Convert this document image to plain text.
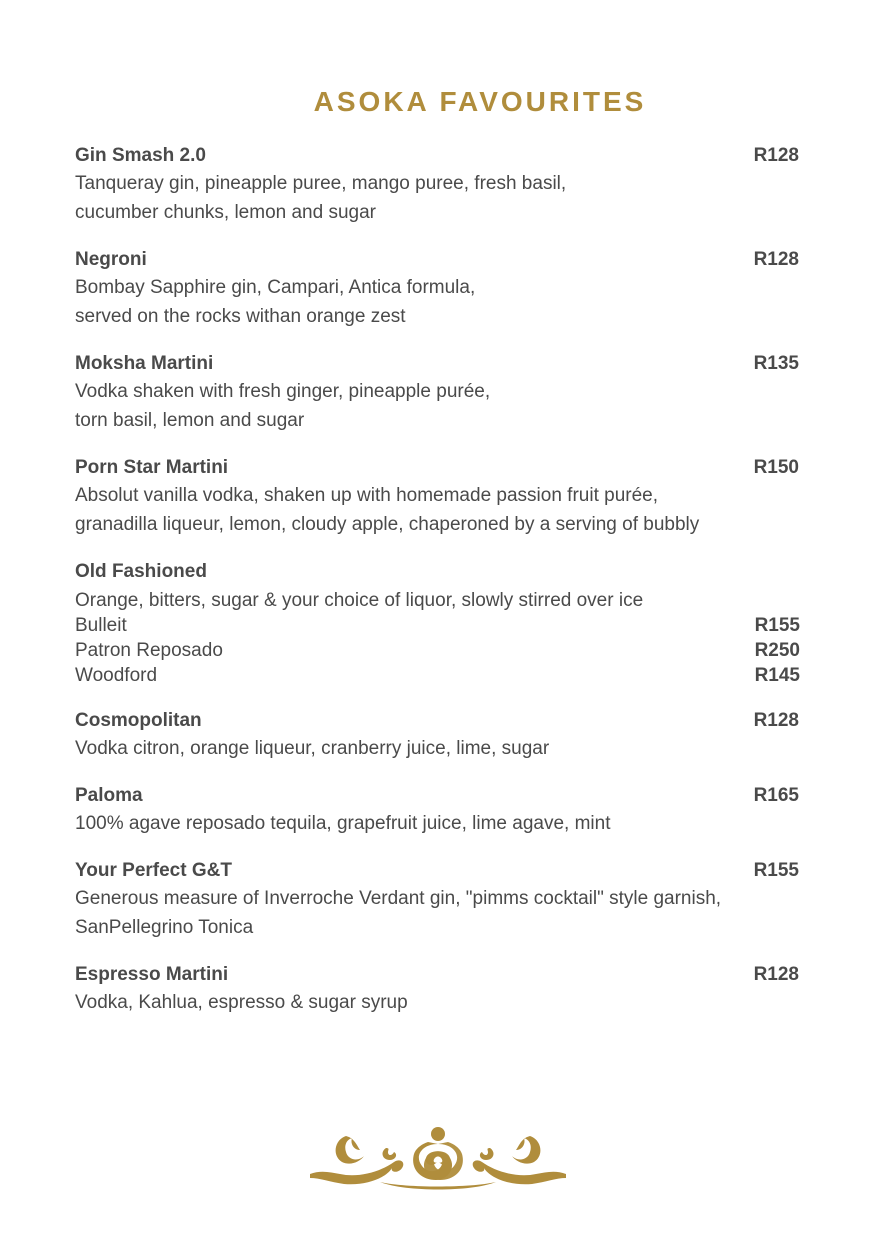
ASOKA FAVOURITES
Gin Smash 2.0	R128
Tanqueray gin, pineapple puree, mango puree, fresh basil,
cucumber chunks, lemon and sugar
Negroni	R128
Bombay Sapphire gin, Campari, Antica formula,
served on the rocks withan orange zest
Moksha Martini	R135
Vodka shaken with fresh ginger, pineapple purée,
torn basil, lemon and sugar
Porn Star Martini	R150
Absolut vanilla vodka, shaken up with homemade passion fruit purée,
granadilla liqueur, lemon, cloudy apple, chaperoned by a serving of bubbly
Old Fashioned
Orange, bitters, sugar & your choice of liquor, slowly stirred over ice
Bulleit	R155
Patron Reposado	R250
Woodford	R145
Cosmopolitan	R128
Vodka citron, orange liqueur, cranberry juice, lime, sugar
Paloma	R165
100% agave reposado tequila, grapefruit juice, lime agave, mint
Your Perfect G&T	R155
Generous measure of Inverroche Verdant gin, "pimms cocktail" style garnish,
SanPellegrino Tonica
Espresso Martini	R128
Vodka, Kahlua, espresso & sugar syrup
